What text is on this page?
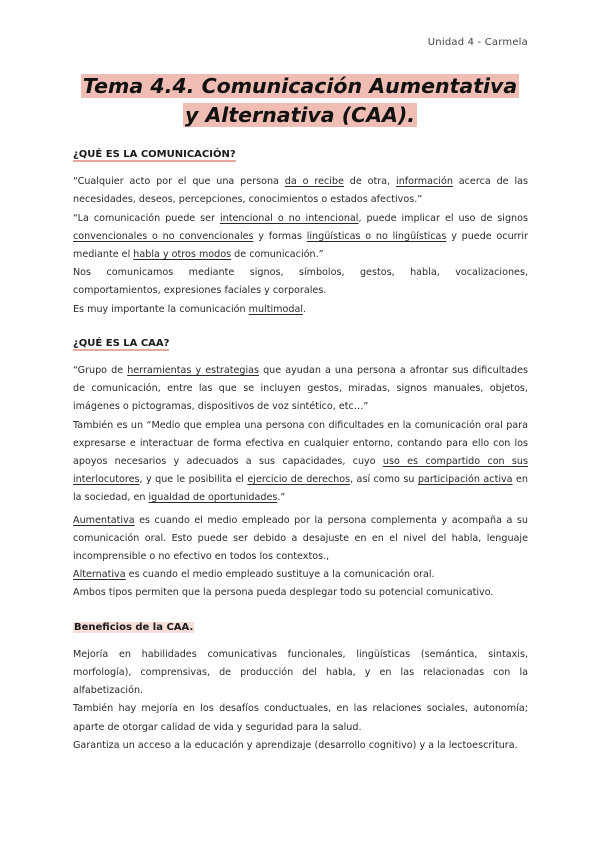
Unidad 4 - Carmela
Tema 4.4. Comunicación Aumentativa
y Alternativa (CAA).
¿QUÉ ES LA COMUNICACIÓN?

“Cualquier acto por el que una persona da o recibe de otra, información acerca de las necesidades, deseos, percepciones, conocimientos o estados afectivos.”

“La comunicación puede ser intencional o no intencional, puede implicar el uso de signos convencionales o no convencionales y formas lingüísticas o no lingüísticas y puede ocurrir mediante el habla y otros modos de comunicación.”

Nos comunicamos mediante signos, símbolos, gestos, habla, vocalizaciones, comportamientos, expresiones faciales y corporales.

Es muy importante la comunicación multimodal.

¿QUÉ ES LA CAA?

“Grupo de herramientas y estrategias que ayudan a una persona a afrontar sus dificultades de comunicación, entre las que se incluyen gestos, miradas, signos manuales, objetos, imágenes o pictogramas, dispositivos de voz sintético, etc…”

También es un “Medio que emplea una persona con dificultades en la comunicación oral para expresarse e interactuar de forma efectiva en cualquier entorno, contando para ello con los apoyos necesarios y adecuados a sus capacidades, cuyo uso es compartido con sus interlocutores, y que le posibilita el ejercicio de derechos, así como su participación activa en la sociedad, en igualdad de oportunidades.”

Aumentativa es cuando el medio empleado por la persona complementa y acompaña a su comunicación oral. Esto puede ser debido a desajuste en en el nivel del habla, lenguaje incomprensible o no efectivo en todos los contextos.,

Alternativa es cuando el medio empleado sustituye a la comunicación oral.

Ambos tipos permiten que la persona pueda desplegar todo su potencial comunicativo.

Beneficios de la CAA.

Mejoría en habilidades comunicativas funcionales, lingüísticas (semántica, sintaxis, morfología), comprensivas, de producción del habla, y en las relacionadas con la alfabetización.

También hay mejoría en los desafíos conductuales, en las relaciones sociales, autonomía; aparte de otorgar calidad de vida y seguridad para la salud.

Garantiza un acceso a la educación y aprendizaje (desarrollo cognitivo) y a la lectoescritura.
